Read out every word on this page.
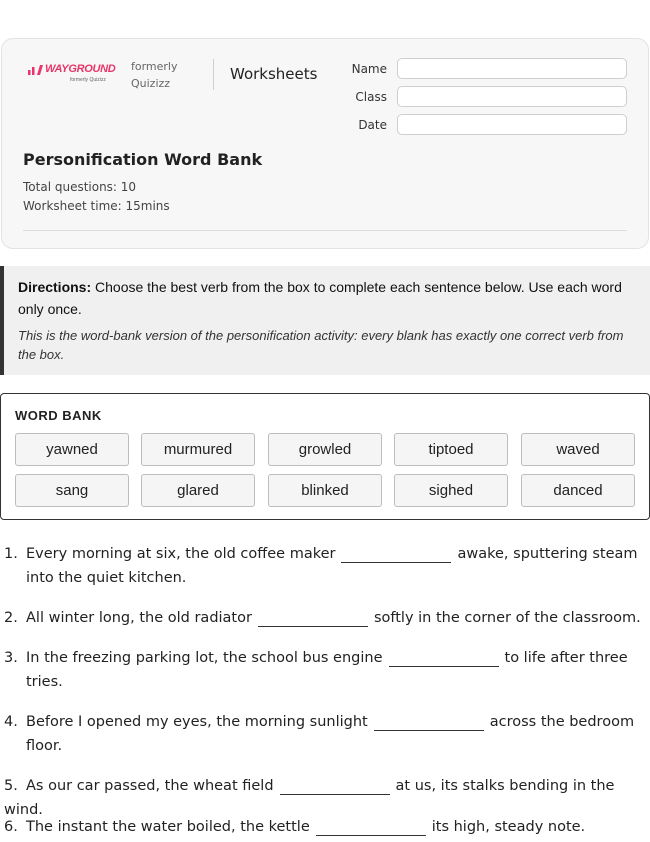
WAYGROUND
formerly Quizizz
formerly
Quizizz
Worksheets	Name
Class
Date
Personification Word Bank
Total questions: 10
Worksheet time: 15mins
Directions: Choose the best verb from the box to complete each sentence below. Use each word only once.
This is the word-bank version of the personification activity: every blank has exactly one correct verb from the box.
WORD BANK
yawned	murmured	growled	tiptoed	waved
sang	glared	blinked	sighed	danced
1. Every morning at six, the old coffee maker	awake, sputtering steam
into the quiet kitchen.
2. All winter long, the old radiator	softly in the corner of the classroom.
3. In the freezing parking lot, the school bus engine	to life after three
tries.
4. Before I opened my eyes, the morning sunlight	across the bedroom
floor.
5. As our car passed, the wheat field	at us, its stalks bending in the wind.
6. The instant the water boiled, the kettle	its high, steady note.
